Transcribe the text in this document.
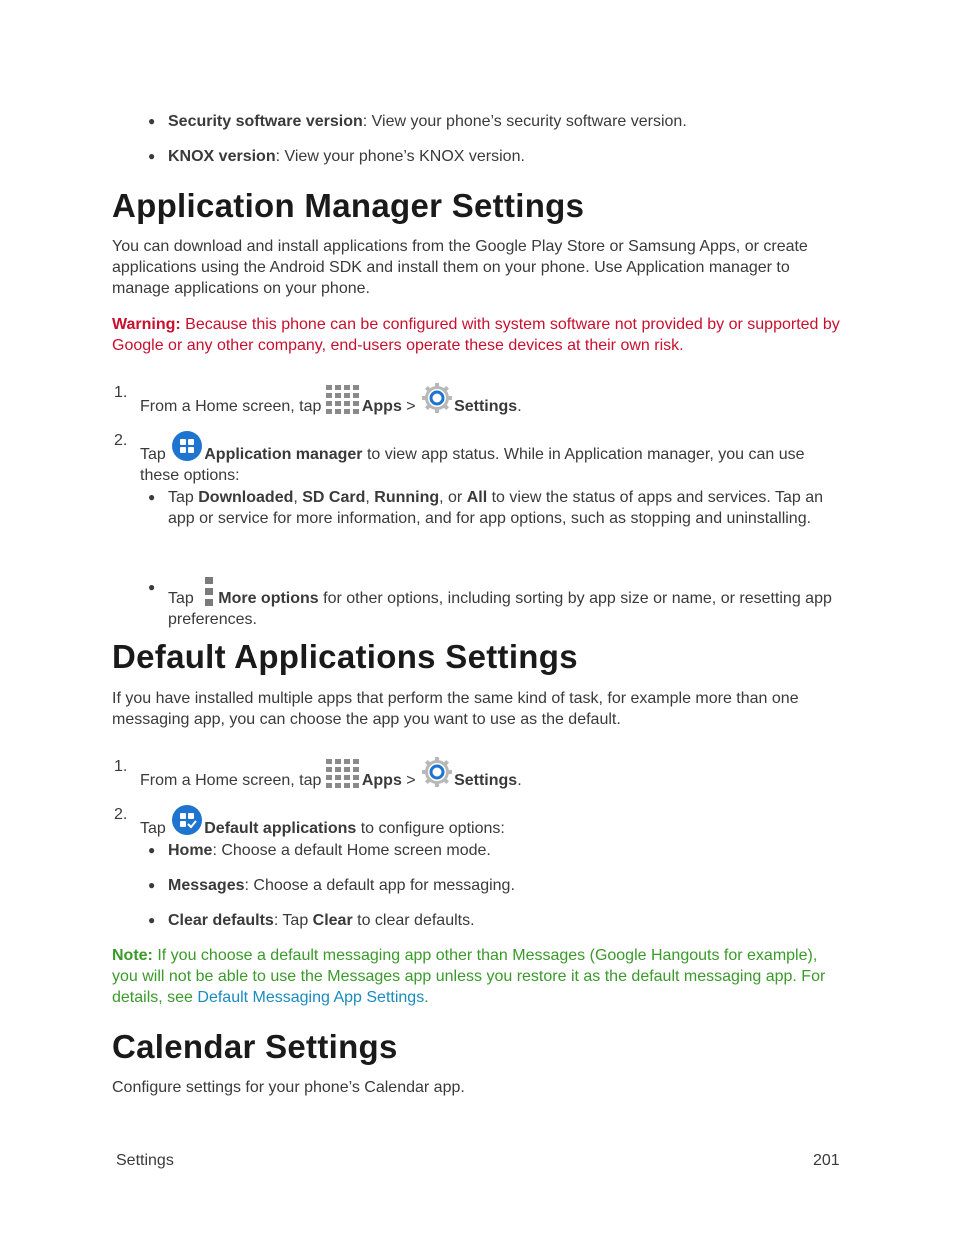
● Security software version: View your phone’s security software version.
● KNOX version: View your phone’s KNOX version.
Application Manager Settings
You can download and install applications from the Google Play Store or Samsung Apps, or create applications using the Android SDK and install them on your phone. Use Application manager to manage applications on your phone.
Warning: Because this phone can be configured with system software not provided by or supported by Google or any other company, end-users operate these devices at their own risk.
1.
From a Home screen, tap
Apps > Settings.
2.
Tap
Application manager to view app status. While in Application manager, you can use these options:
● Tap Downloaded, SD Card, Running, or All to view the status of apps and services. Tap an app or service for more information, and for app options, such as stopping and uninstalling.
●
Tap
More options for other options, including sorting by app size or name, or resetting app preferences.
Default Applications Settings
If you have installed multiple apps that perform the same kind of task, for example more than one messaging app, you can choose the app you want to use as the default.
1.
From a Home screen, tap
Apps > Settings.
2.
Tap
Default applications to configure options:
● Home: Choose a default Home screen mode.
● Messages: Choose a default app for messaging.
● Clear defaults: Tap Clear to clear defaults.
Note: If you choose a default messaging app other than Messages (Google Hangouts for example), you will not be able to use the Messages app unless you restore it as the default messaging app. For details, see Default Messaging App Settings.
Calendar Settings
Configure settings for your phone’s Calendar app.
Settings	201
